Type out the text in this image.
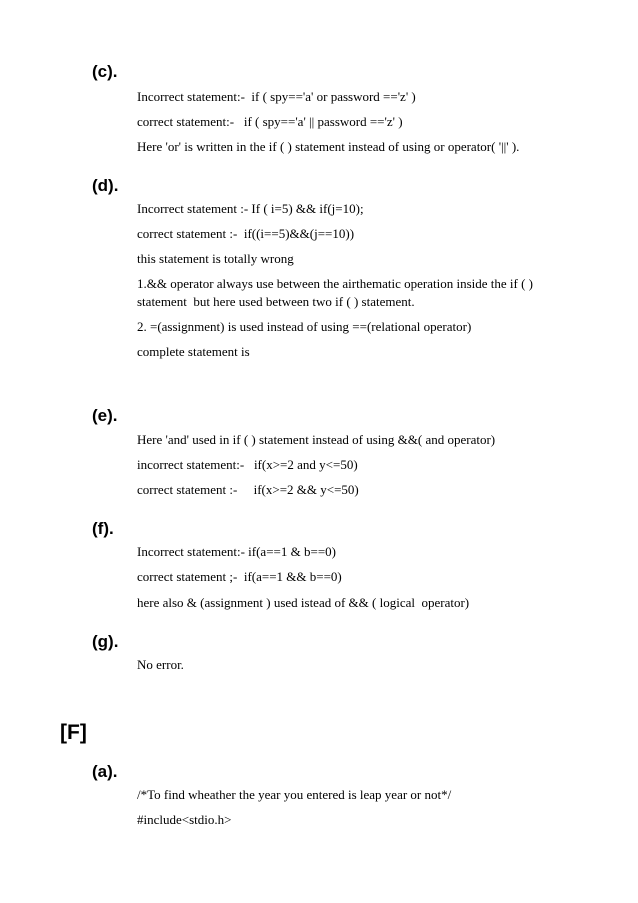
(c).
Incorrect statement:-  if ( spy=='a' or password =='z' )
correct statement:-   if ( spy=='a' || password =='z' )
Here 'or' is written in the if ( ) statement instead of using or operator( '||' ).
(d).
Incorrect statement :- If ( i=5) && if(j=10);
correct statement :-  if((i==5)&&(j==10))
this statement is totally wrong
1.&& operator always use between the airthematic operation inside the if ( )
statement  but here used between two if ( ) statement.
2. =(assignment) is used instead of using ==(relational operator)
complete statement is
(e).
Here 'and' used in if ( ) statement instead of using &&( and operator)
incorrect statement:-   if(x>=2 and y<=50)
correct statement :-     if(x>=2 && y<=50)
(f).
Incorrect statement:- if(a==1 & b==0)
correct statement ;-  if(a==1 && b==0)
here also & (assignment ) used istead of && ( logical  operator)
(g).
No error.
[F]
(a).
/*To find wheather the year you entered is leap year or not*/
#include<stdio.h>
